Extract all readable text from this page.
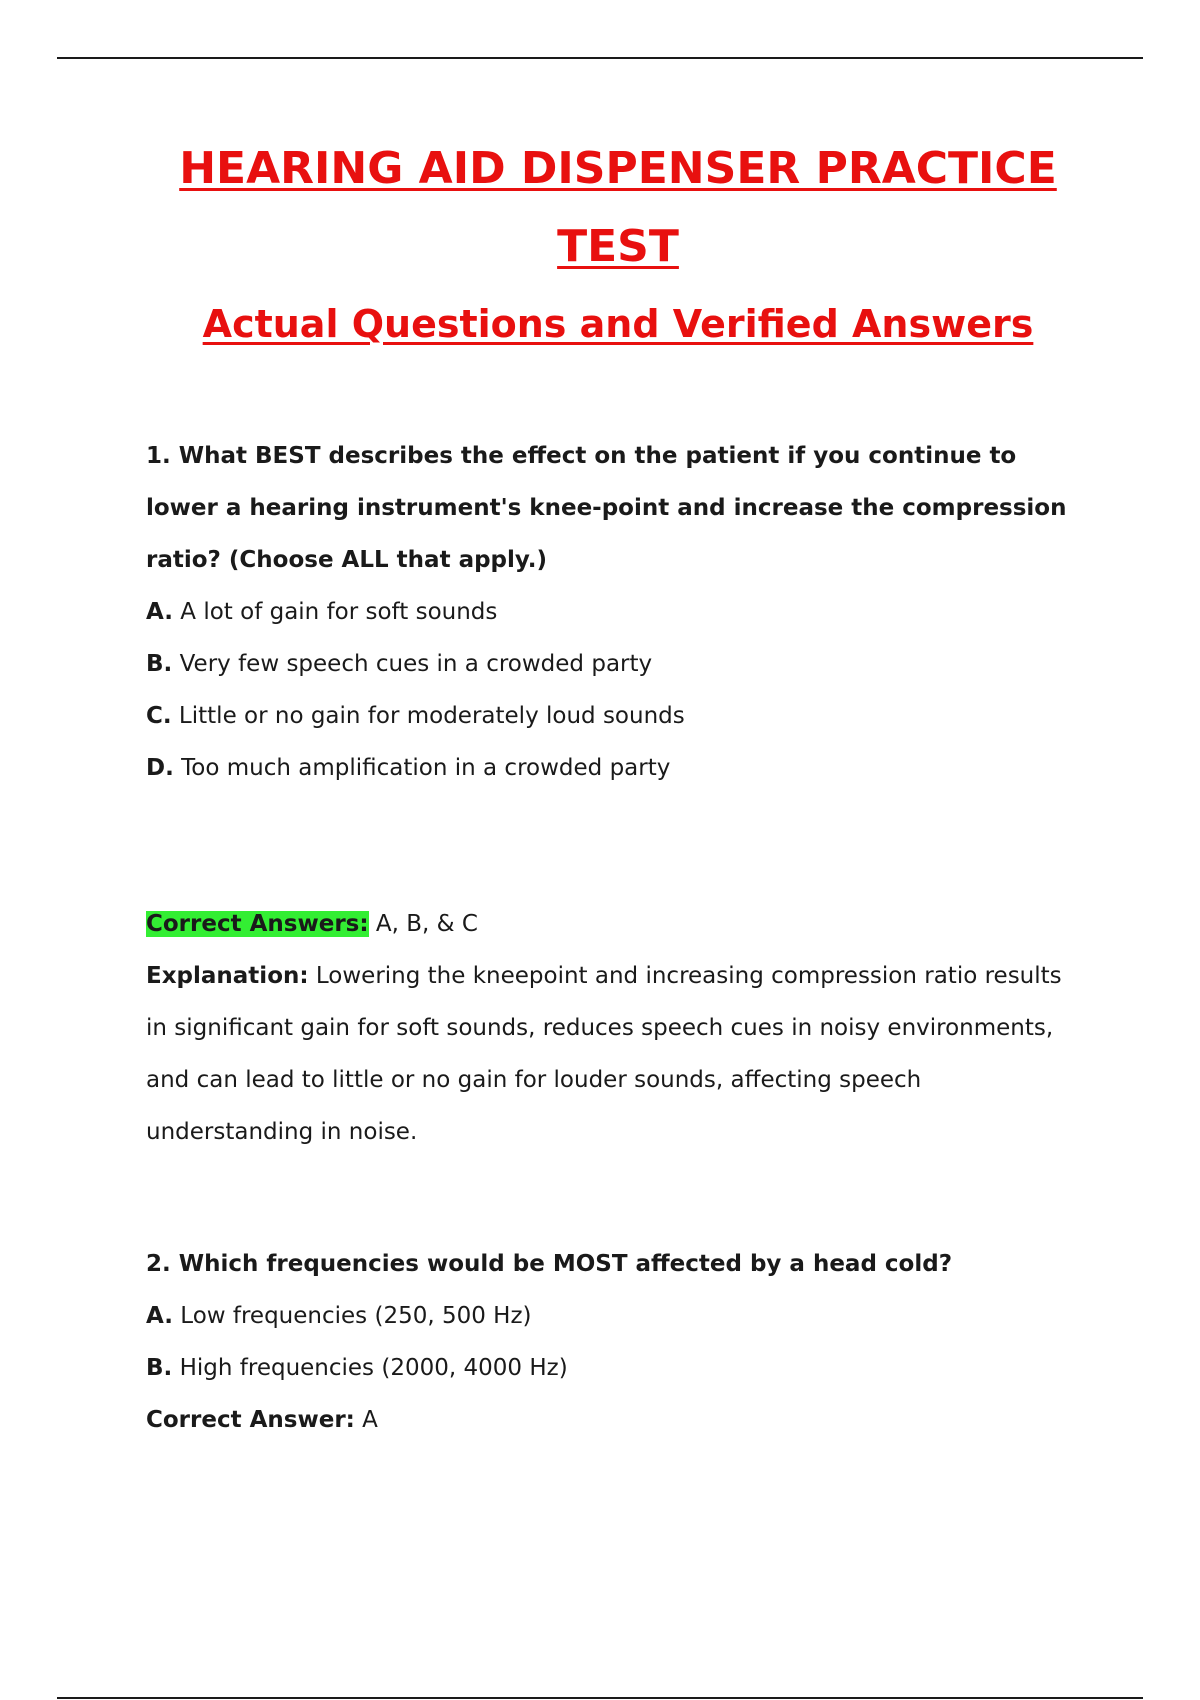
HEARING AID DISPENSER PRACTICE
TEST
Actual Questions and Verified Answers
1. What BEST describes the effect on the patient if you continue to lower a hearing instrument's knee-point and increase the compression ratio? (Choose ALL that apply.)
A. A lot of gain for soft sounds
B. Very few speech cues in a crowded party
C. Little or no gain for moderately loud sounds
D. Too much amplification in a crowded party
Correct Answers: A, B, & C
Explanation: Lowering the kneepoint and increasing compression ratio results in significant gain for soft sounds, reduces speech cues in noisy environments, and can lead to little or no gain for louder sounds, affecting speech understanding in noise.
2. Which frequencies would be MOST affected by a head cold?
A. Low frequencies (250, 500 Hz)
B. High frequencies (2000, 4000 Hz)
Correct Answer: A
